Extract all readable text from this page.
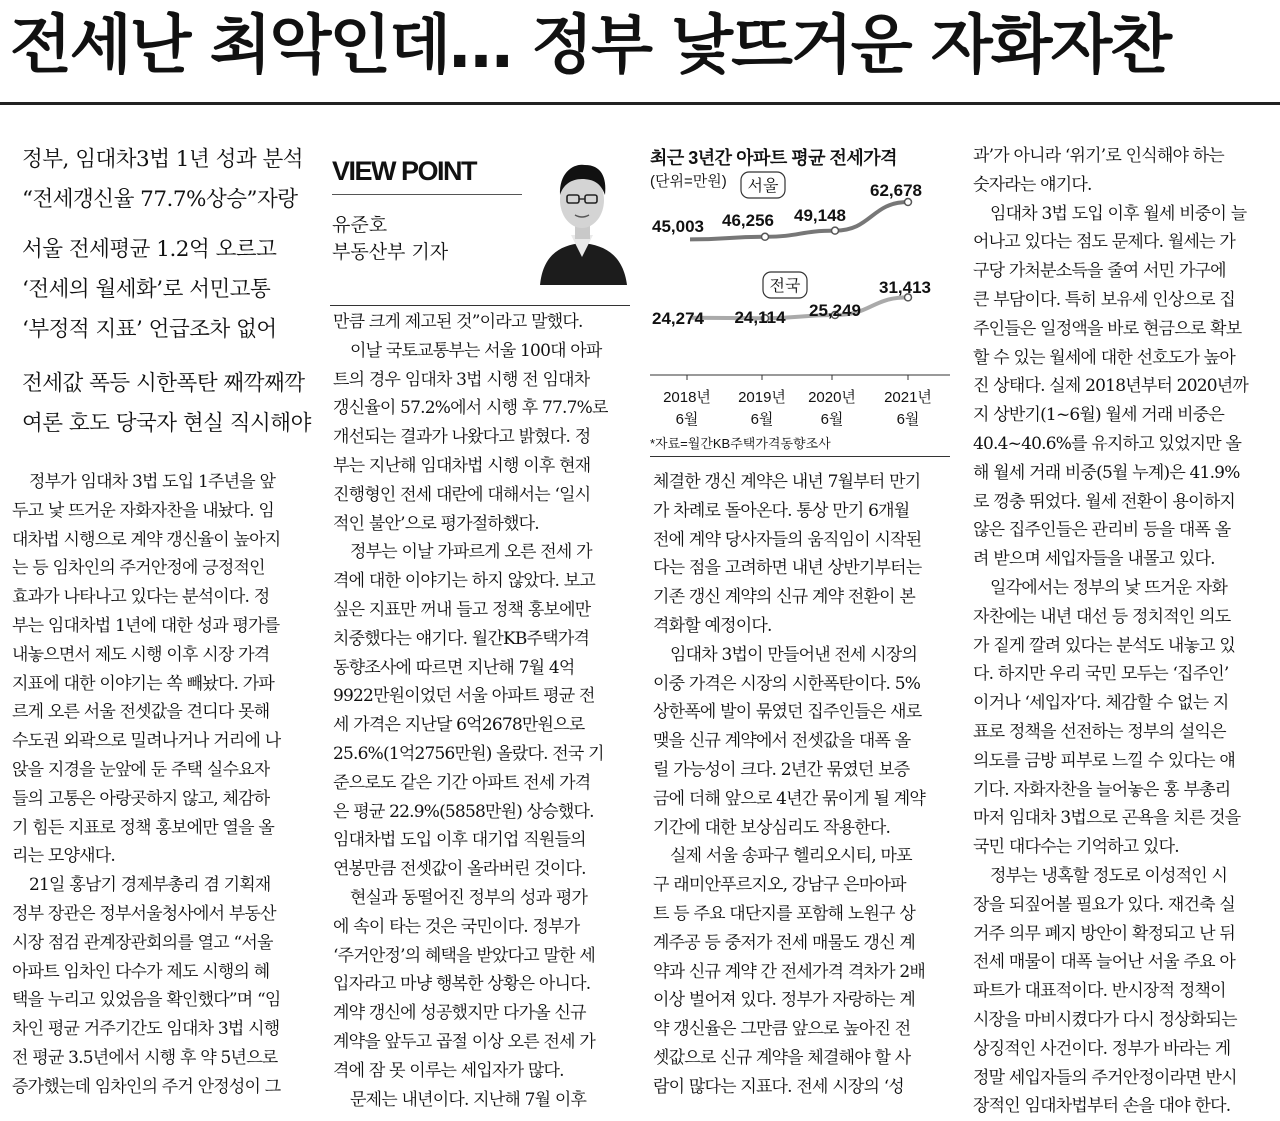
전세난 최악인데… 정부 낯뜨거운 자화자찬
정부, 임대차3법 1년 성과 분석
“전세갱신율 77.7%상승”자랑
서울 전세평균 1.2억 오르고
‘전세의 월세화’로 서민고통
‘부정적 지표’ 언급조차 없어
전세값 폭등 시한폭탄 째깍째깍
여론 호도 당국자 현실 직시해야
정부가 임대차 3법 도입 1주년을 앞
두고 낯 뜨거운 자화자찬을 내놨다. 임
대차법 시행으로 계약 갱신율이 높아지
는 등 임차인의 주거안정에 긍정적인
효과가 나타나고 있다는 분석이다. 정
부는 임대차법 1년에 대한 성과 평가를
내놓으면서 제도 시행 이후 시장 가격
지표에 대한 이야기는 쏙 빼놨다. 가파
르게 오른 서울 전셋값을 견디다 못해
수도권 외곽으로 밀려나거나 거리에 나
앉을 지경을 눈앞에 둔 주택 실수요자
들의 고통은 아랑곳하지 않고, 체감하
기 힘든 지표로 정책 홍보에만 열을 올
리는 모양새다.
21일 홍남기 경제부총리 겸 기획재
정부 장관은 정부서울청사에서 부동산
시장 점검 관계장관회의를 열고 “서울
아파트 임차인 다수가 제도 시행의 혜
택을 누리고 있었음을 확인했다”며 “임
차인 평균 거주기간도 임대차 3법 시행
전 평균 3.5년에서 시행 후 약 5년으로
증가했는데 임차인의 주거 안정성이 그
VIEW POINT
유준호
부동산부 기자
만큼 크게 제고된 것”이라고 말했다.
이날 국토교통부는 서울 100대 아파
트의 경우 임대차 3법 시행 전 임대차
갱신율이 57.2%에서 시행 후 77.7%로
개선되는 결과가 나왔다고 밝혔다. 정
부는 지난해 임대차법 시행 이후 현재
진행형인 전세 대란에 대해서는 ‘일시
적인 불안’으로 평가절하했다.
정부는 이날 가파르게 오른 전세 가
격에 대한 이야기는 하지 않았다. 보고
싶은 지표만 꺼내 들고 정책 홍보에만
치중했다는 얘기다. 월간KB주택가격
동향조사에 따르면 지난해 7월 4억
9922만원이었던 서울 아파트 평균 전
세 가격은 지난달 6억2678만원으로
25.6%(1억2756만원) 올랐다. 전국 기
준으로도 같은 기간 아파트 전세 가격
은 평균 22.9%(5858만원) 상승했다.
임대차법 도입 이후 대기업 직원들의
연봉만큼 전셋값이 올라버린 것이다.
현실과 동떨어진 정부의 성과 평가
에 속이 타는 것은 국민이다. 정부가
‘주거안정’의 혜택을 받았다고 말한 세
입자라고 마냥 행복한 상황은 아니다.
계약 갱신에 성공했지만 다가올 신규
계약을 앞두고 곱절 이상 오른 전세 가
격에 잠 못 이루는 세입자가 많다.
문제는 내년이다. 지난해 7월 이후
최근 3년간 아파트 평균 전세가격
(단위=만원)
45,003 46,256 49,148
62,678
서울
24,274 24,114 25,249
31,413
전국
2018년
6월
2019년
6월
2020년
6월
2021년
6월
*자료=월간KB주택가격동향조사
체결한 갱신 계약은 내년 7월부터 만기
가 차례로 돌아온다. 통상 만기 6개월
전에 계약 당사자들의 움직임이 시작된
다는 점을 고려하면 내년 상반기부터는
기존 갱신 계약의 신규 계약 전환이 본
격화할 예정이다.
임대차 3법이 만들어낸 전세 시장의
이중 가격은 시장의 시한폭탄이다. 5%
상한폭에 발이 묶였던 집주인들은 새로
맺을 신규 계약에서 전셋값을 대폭 올
릴 가능성이 크다. 2년간 묶였던 보증
금에 더해 앞으로 4년간 묶이게 될 계약
기간에 대한 보상심리도 작용한다.
실제 서울 송파구 헬리오시티, 마포
구 래미안푸르지오, 강남구 은마아파
트 등 주요 대단지를 포함해 노원구 상
계주공 등 중저가 전세 매물도 갱신 계
약과 신규 계약 간 전세가격 격차가 2배
이상 벌어져 있다. 정부가 자랑하는 계
약 갱신율은 그만큼 앞으로 높아진 전
셋값으로 신규 계약을 체결해야 할 사
람이 많다는 지표다. 전세 시장의 ‘성
과’가 아니라 ‘위기’로 인식해야 하는
숫자라는 얘기다.
임대차 3법 도입 이후 월세 비중이 늘
어나고 있다는 점도 문제다. 월세는 가
구당 가처분소득을 줄여 서민 가구에
큰 부담이다. 특히 보유세 인상으로 집
주인들은 일정액을 바로 현금으로 확보
할 수 있는 월세에 대한 선호도가 높아
진 상태다. 실제 2018년부터 2020년까
지 상반기(1~6월) 월세 거래 비중은
40.4~40.6%를 유지하고 있었지만 올
해 월세 거래 비중(5월 누계)은 41.9%
로 껑충 뛰었다. 월세 전환이 용이하지
않은 집주인들은 관리비 등을 대폭 올
려 받으며 세입자들을 내몰고 있다.
일각에서는 정부의 낯 뜨거운 자화
자찬에는 내년 대선 등 정치적인 의도
가 짙게 깔려 있다는 분석도 내놓고 있
다. 하지만 우리 국민 모두는 ‘집주인’
이거나 ‘세입자’다. 체감할 수 없는 지
표로 정책을 선전하는 정부의 설익은
의도를 금방 피부로 느낄 수 있다는 얘
기다. 자화자찬을 늘어놓은 홍 부총리
마저 임대차 3법으로 곤욕을 치른 것을
국민 대다수는 기억하고 있다.
정부는 냉혹할 정도로 이성적인 시
장을 되짚어볼 필요가 있다. 재건축 실
거주 의무 폐지 방안이 확정되고 난 뒤
전세 매물이 대폭 늘어난 서울 주요 아
파트가 대표적이다. 반시장적 정책이
시장을 마비시켰다가 다시 정상화되는
상징적인 사건이다. 정부가 바라는 게
정말 세입자들의 주거안정이라면 반시
장적인 임대차법부터 손을 대야 한다.
